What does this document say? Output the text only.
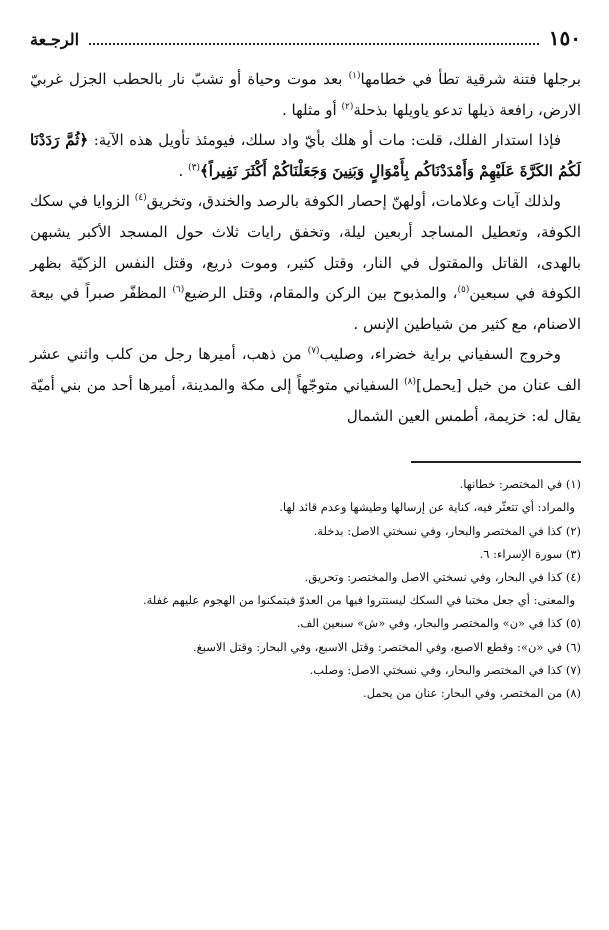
١٥٠
الرجـعة

برجلها فتنة شرقية تطأ في خطامها$^{(١)}$ بعد موت وحياة أو تشبّ نار بالحطب الجزل غربيّ الارض، رافعة ذيلها تدعو ياويلها بذحلة$^{(٢)}$ أو مثلها .

فإذا استدار الفلك، قلت: مات أو هلك بأيّ واد سلك، فيومئذ تأويل هذه الآية: ﴿ثُمَّ رَدَدْنَا لَكُمُ الكَرَّةَ عَلَيْهِمْ وَأَمْدَدْنَاكُم بِأَمْوَالٍ وَبَنِينَ وَجَعَلْنَاكُمْ أَكْثَرَ نَفِيراً﴾$^{(٣)}$ .

ولذلك آيات وعلامات، أولهنّ إحصار الكوفة بالرصد والخندق، وتخريق$^{(٤)}$ الزوايا في سكك الكوفة، وتعطيل المساجد أربعين ليلة، وتخفق رايات ثلاث حول المسجد الأكبر يشبهن بالهدى، القاتل والمقتول في النار، وقتل كثير، وموت ذريع، وقتل النفس الزكيّة بظهر الكوفة في سبعين$^{(٥)}$، والمذبوح بين الركن والمقام، وقتل الرضيع$^{(٦)}$ المظفّر صبراً في بيعة الاصنام، مع كثير من شياطين الإنس .

وخروج السفياني براية خضراء، وصليب$^{(٧)}$ من ذهب، أميرها رجل من كلب واثني عشر الف عنان من خيل [يحمل]$^{(٨)}$ السفياني متوجّهاً إلى مكة والمدينة، أميرها أحد من بني أميّة يقال له: خزيمة، أطمس العين الشمال

(١) في المختصر: خطانها.

والمراد: أي تتعثّر فيه، كناية عن إرسالها وطيشها وعدم قائد لها.

(٢) كذا في المختصر والبحار، وفي نسختي الاصل: بدخلة.

(٣) سورة الإسراء: ٦.

(٤) كذا في البحار، وفي نسختي الاصل والمختصر: وتحريق.

والمعنى: أي جعل مختبا في السكك ليستتروا فيها من العدوّ فيتمكنوا من الهجوم عليهم غفلة.

(٥) كذا في «ن» والمختصر والبحار، وفي «ش» سبعين الف.

(٦) في «ن»: وقطع الاصبع، وفي المختصر: وقتل الاسبع، وفي البحار: وقتل الاسبغ.

(٧) كذا في المختصر والبحار، وفي نسختي الاصل: وصلب.

(٨) من المختصر، وفي البحار: عنان من يحمل.
